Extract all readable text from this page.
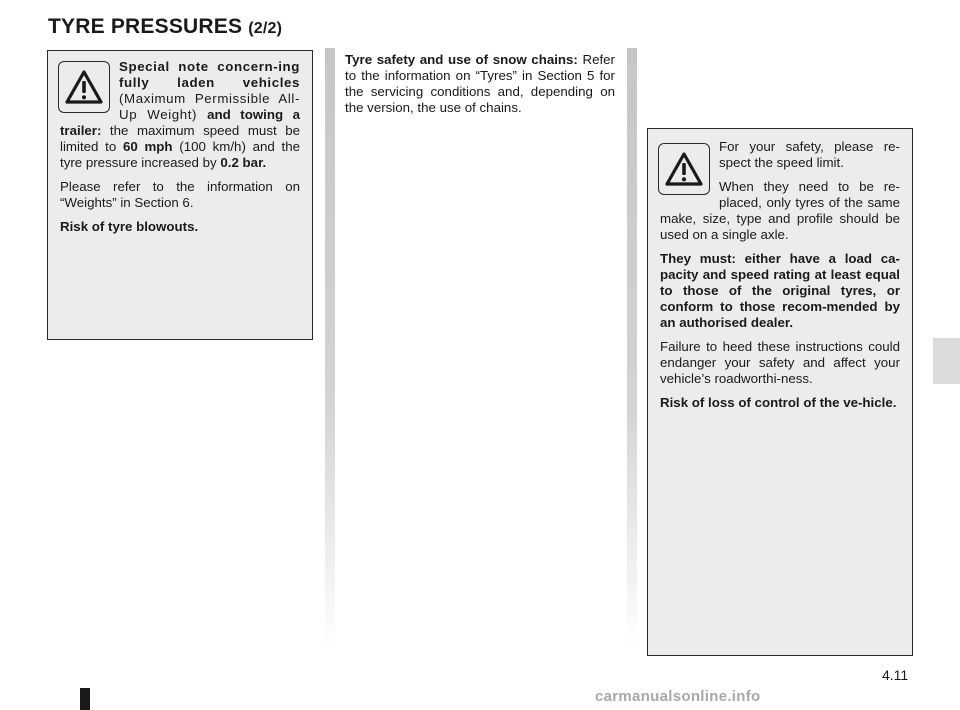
TYRE PRESSURES (2/2)

Special note concern-ing fully laden vehicles (Maximum Permissible All-Up Weight) and towing a trailer: the maximum speed must be limited to 60 mph (100 km/h) and the tyre pressure increased by 0.2 bar.

Please refer to the information on “Weights” in Section 6.

Risk of tyre blowouts.

Tyre safety and use of snow chains: Refer to the information on “Tyres” in Section 5 for the servicing conditions and, depending on the version, the use of chains.

For your safety, please re-spect the speed limit.

When they need to be re-placed, only tyres of the same make, size, type and profile should be used on a single axle.

They must: either have a load ca-pacity and speed rating at least equal to those of the original tyres, or conform to those recom-mended by an authorised dealer.

Failure to heed these instructions could endanger your safety and affect your vehicle’s roadworthi-ness.

Risk of loss of control of the ve-hicle.

4.11
carmanualsonline.info
